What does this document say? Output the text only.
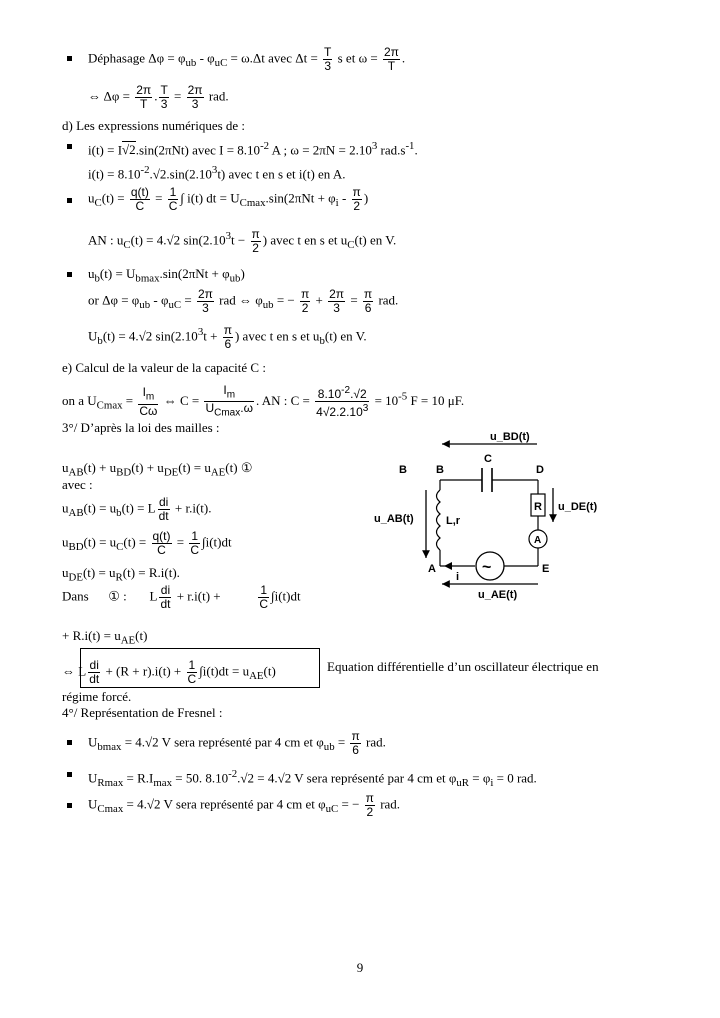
Déphasage $\Delta\varphi = \varphi_{ub} - \varphi_{uC} = \omega.\Delta t$ avec $\Delta t = \frac{T}{3}$ s et $\omega = \frac{2\pi}{T}$ .
⇔ $\Delta\varphi = \frac{2\pi}{T}$ . $\frac{T}{3} = \frac{2\pi}{3}$ rad.
d) Les expressions numériques de :
i(t) = I√2.sin(2πNt) avec $I = 8.10^{-2}$ A ; $\omega = 2\pi N = 2.10^3$ $rad.s^{-1}$.
$i(t) = 8.10^{-2}.√2.\sin(2.10^3t)$ avec t en s et i(t) en A.
$u_C(t) = \frac{q(t)}{C} = \frac{1}{C}$ ∫ i(t) dt = $U_{Cmax}.\sin(2\pi Nt + \varphi_i - \frac{\pi}{2}$ )
AN : $u_C(t) = 4.√2$ $\sin(2.10^3t - \frac{\pi}{2}$ ) avec t en s et $u_C(t)$ en V.
$u_b(t) = U_{bmax}.\sin(2\pi Nt + \varphi_{ub})$
or $\Delta\varphi = \varphi_{ub} - \varphi_{uC} = \frac{2\pi}{3}$ rad ⇔ $\varphi_{ub}$ = − $\frac{\pi}{2} + \frac{2\pi}{3} = \frac{\pi}{6}$ rad.
$U_b(t) = 4.√2$ $\sin(2.10^3t + \frac{\pi}{6}$ ) avec t en s et $u_b(t)$ en V.
e) Calcul de la valeur de la capacité C :
on a $U_{Cmax} = \frac{I_m}{C\omega}$ ⇔ $C = \frac{I_m}{U_{Cmax}.\omega}$ . AN : $C = \frac{8.10^{-2}.√2}{4√2.2.10^3} = 10^{-5}$ F = 10 μF.
3°/ D’après la loi des mailles :
$u_{AB}(t) + u_{BD}(t) + u_{DE}(t) = u_{AE}(t)$ ①
avec :
$u_{AB}(t) = u_b(t) = L \frac{di}{dt} + r.i(t)$.
$u_{BD}(t) = u_C(t) = \frac{q(t)}{C} = \frac{1}{C} \int i(t)dt$
$u_{DE}(t) = u_R(t) = R.i(t)$.
Dans      ① :       L $\frac{di}{dt} + r.i(t) + \frac{1}{C} \int i(t)dt$
+ $R.i(t) = u_{AE}(t)$
⇔ L $\frac{di}{dt} + (R + r).i(t) + \frac{1}{C} \int i(t)dt = u_{AE}(t)$	Equation différentielle d’un oscillateur électrique en
régime forcé.
4°/ Représentation de Fresnel :
$U_{bmax} = 4.√2$ V sera représenté par 4 cm et $\varphi_{ub} = \frac{\pi}{6}$ rad.
$U_{Rmax} = R.I_{max} = 50$. $8.10^{-2}.√2 = 4.√2$ V sera représenté par 4 cm et $\varphi_{uR} = \varphi_i = 0$ rad.
$U_{Cmax} = 4.√2$ V sera représenté par 4 cm et $\varphi_{uC}$ = − $\frac{\pi}{2}$ rad.
u_BD(t)
B	B	D
C
L,r
u_AB(t)
R
A
u_DE(t)
i
~
A	E
u_AE(t)
9
